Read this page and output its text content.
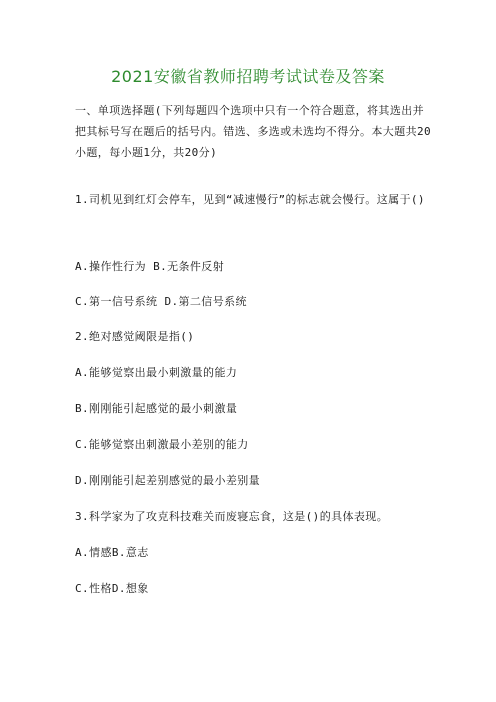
2021安徽省教师招聘考试试卷及答案
一、单项选择题(下列每题四个选项中只有一个符合题意，将其选出并把其标号写在题后的括号内。错选、多选或未选均不得分。本大题共20小题，每小题1分，共20分)
1.司机见到红灯会停车，见到“减速慢行”的标志就会慢行。这属于()
A.操作性行为 B.无条件反射
C.第一信号系统 D.第二信号系统
2.绝对感觉阈限是指()
A.能够觉察出最小刺激量的能力
B.刚刚能引起感觉的最小刺激量
C.能够觉察出刺激最小差别的能力
D.刚刚能引起差别感觉的最小差别量
3.科学家为了攻克科技难关而废寝忘食，这是()的具体表现。
A.情感B.意志
C.性格D.想象
